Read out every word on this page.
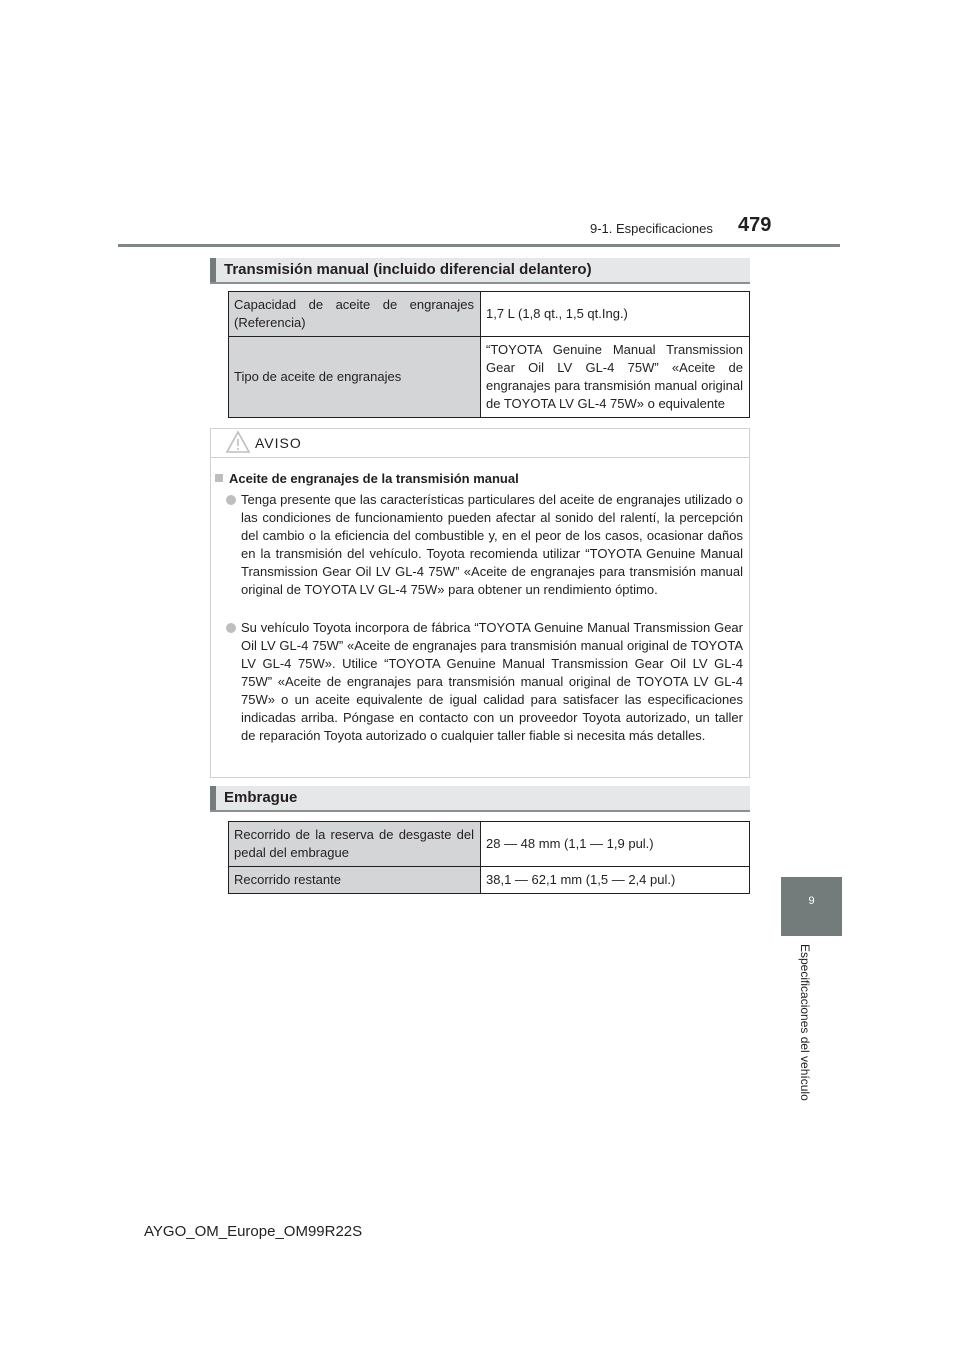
9-1. Especificaciones 479
9
Especificaciones del vehículo
Transmisión manual (incluido diferencial delantero)
Capacidad de aceite de engranajes (Referencia)	1,7 L (1,8 qt., 1,5 qt.Ing.)
Tipo de aceite de engranajes	“TOYOTA Genuine Manual Transmission Gear Oil LV GL-4 75W” «Aceite de engranajes para transmisión manual original de TOYOTA LV GL-4 75W» o equivalente
AVISO
Aceite de engranajes de la transmisión manual
Tenga presente que las características particulares del aceite de engranajes utilizado o las condiciones de funcionamiento pueden afectar al sonido del ralentí, la percepción del cambio o la eficiencia del combustible y, en el peor de los casos, ocasionar daños en la transmisión del vehículo. Toyota recomienda utilizar “TOYOTA Genuine Manual Transmission Gear Oil LV GL-4 75W” «Aceite de engranajes para transmisión manual original de TOYOTA LV GL-4 75W» para obtener un rendimiento óptimo.
Su vehículo Toyota incorpora de fábrica “TOYOTA Genuine Manual Transmission Gear Oil LV GL-4 75W” «Aceite de engranajes para transmisión manual original de TOYOTA LV GL-4 75W». Utilice “TOYOTA Genuine Manual Transmission Gear Oil LV GL-4 75W” «Aceite de engranajes para transmisión manual original de TOYOTA LV GL-4 75W» o un aceite equivalente de igual calidad para satisfacer las especificaciones indicadas arriba. Póngase en contacto con un proveedor Toyota autorizado, un taller de reparación Toyota autorizado o cualquier taller fiable si necesita más detalles.
Embrague
Recorrido de la reserva de desgaste del pedal del embrague	28 — 48 mm (1,1 — 1,9 pul.)
Recorrido restante	38,1 — 62,1 mm (1,5 — 2,4 pul.)
AYGO_OM_Europe_OM99R22S
